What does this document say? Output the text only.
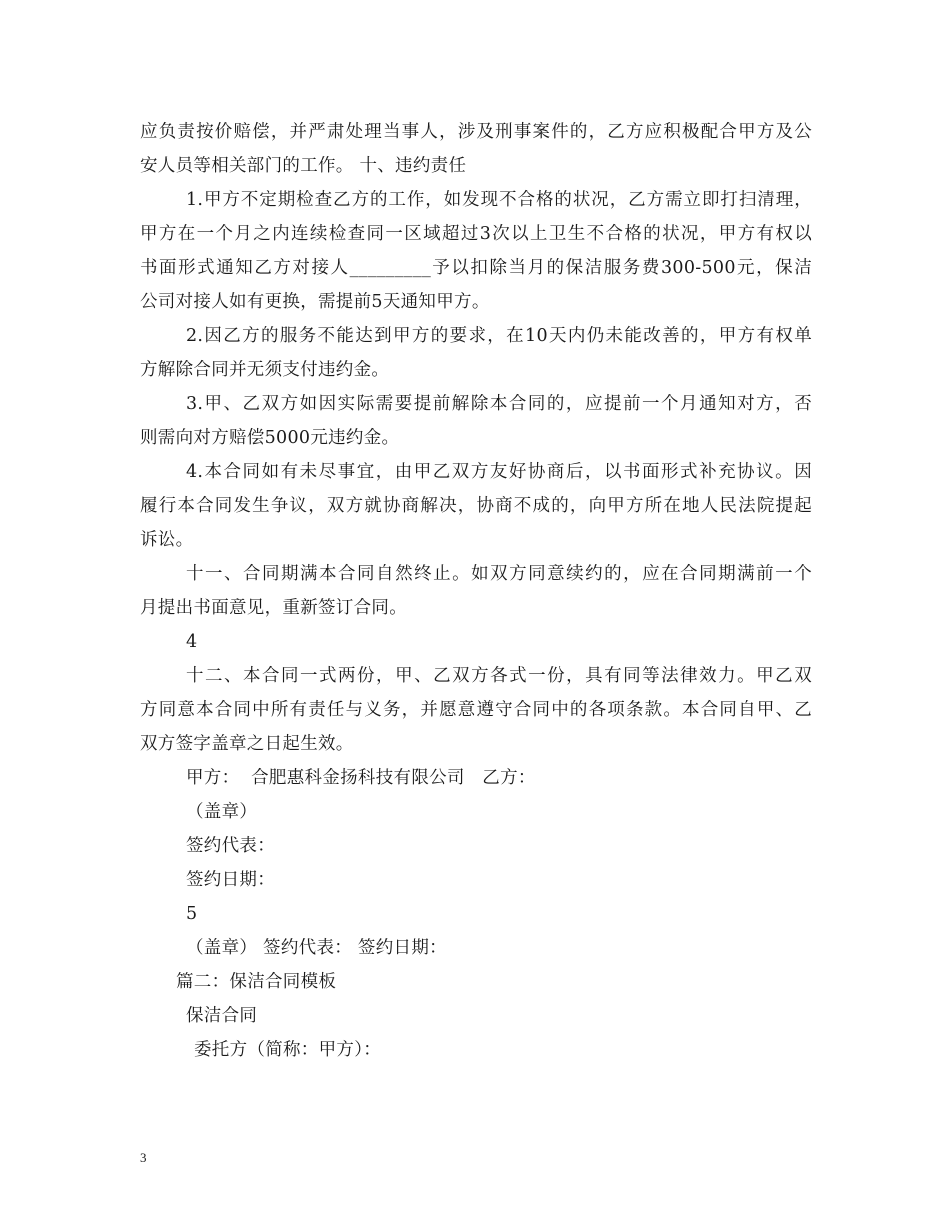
应负责按价赔偿，并严肃处理当事人，涉及刑事案件的，乙方应积极配合甲方及公
安人员等相关部门的工作。 十、违约责任
1.甲方不定期检查乙方的工作，如发现不合格的状况，乙方需立即打扫清理，
甲方在一个月之内连续检查同一区域超过3次以上卫生不合格的状况，甲方有权以
书面形式通知乙方对接人_________予以扣除当月的保洁服务费300-500元，保洁
公司对接人如有更换，需提前5天通知甲方。
2.因乙方的服务不能达到甲方的要求，在10天内仍未能改善的，甲方有权单
方解除合同并无须支付违约金。
3.甲、乙双方如因实际需要提前解除本合同的，应提前一个月通知对方，否
则需向对方赔偿5000元违约金。
4.本合同如有未尽事宜，由甲乙双方友好协商后，以书面形式补充协议。因
履行本合同发生争议，双方就协商解决，协商不成的，向甲方所在地人民法院提起
诉讼。
十一、合同期满本合同自然终止。如双方同意续约的，应在合同期满前一个
月提出书面意见，重新签订合同。
4
十二、本合同一式两份，甲、乙双方各式一份，具有同等法律效力。甲乙双
方同意本合同中所有责任与义务，并愿意遵守合同中的各项条款。本合同自甲、乙
双方签字盖章之日起生效。
甲方：  合肥惠科金扬科技有限公司   乙方：
（盖章）
签约代表：
签约日期：
5
（盖章） 签约代表： 签约日期：
篇二：保洁合同模板
保洁合同
委托方（简称：甲方）：
3
